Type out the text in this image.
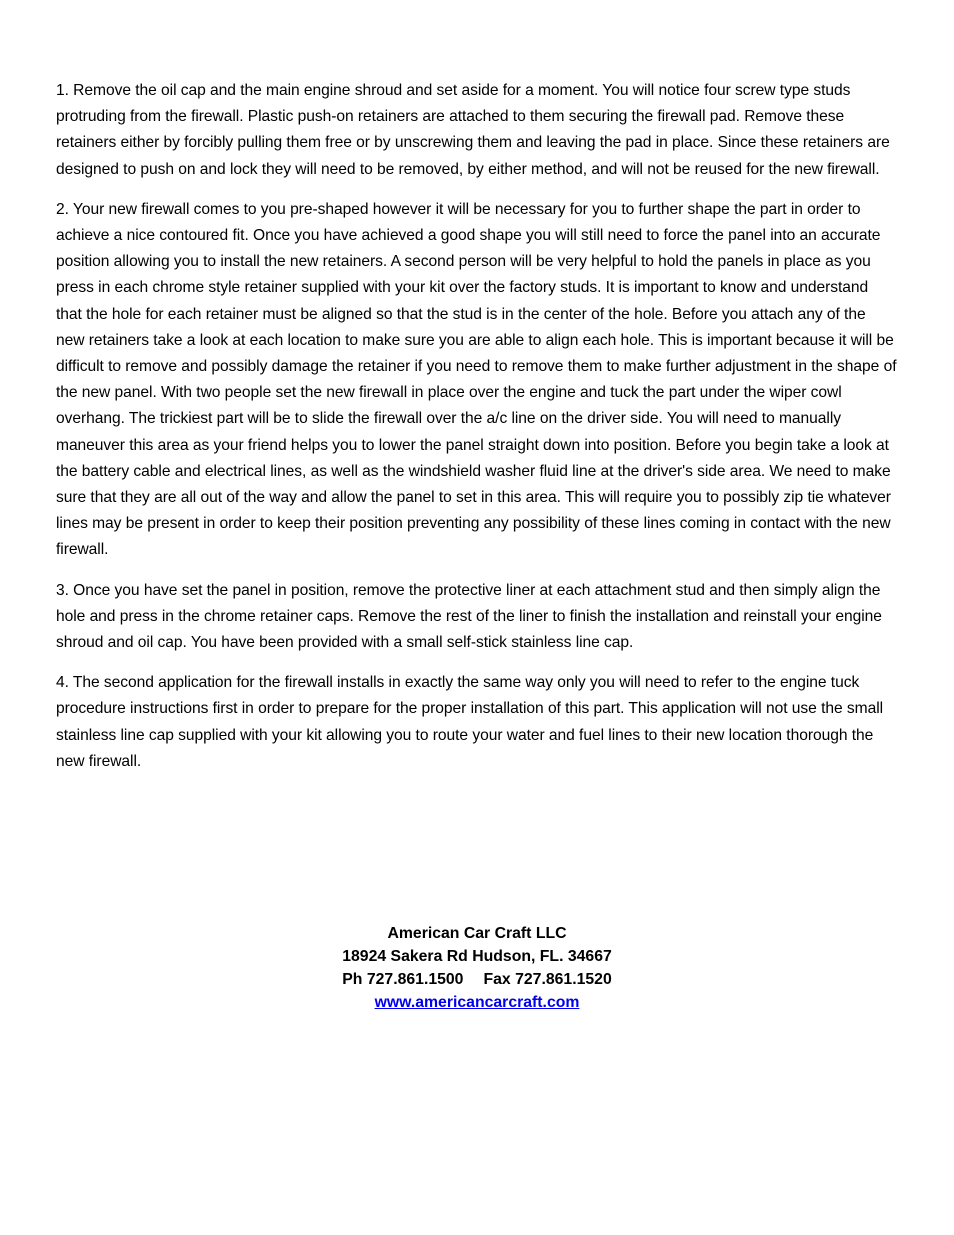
1. Remove the oil cap and the main engine shroud and set aside for a moment. You will notice four screw type studs protruding from the firewall. Plastic push-on retainers are attached to them securing the firewall pad. Remove these retainers either by forcibly pulling them free or by unscrewing them and leaving the pad in place. Since these retainers are designed to push on and lock they will need to be removed, by either method, and will not be reused for the new firewall.

2. Your new firewall comes to you pre-shaped however it will be necessary for you to further shape the part in order to achieve a nice contoured fit. Once you have achieved a good shape you will still need to force the panel into an accurate position allowing you to install the new retainers. A second person will be very helpful to hold the panels in place as you press in each chrome style retainer supplied with your kit over the factory studs. It is important to know and understand that the hole for each retainer must be aligned so that the stud is in the center of the hole. Before you attach any of the new retainers take a look at each location to make sure you are able to align each hole. This is important because it will be difficult to remove and possibly damage the retainer if you need to remove them to make further adjustment in the shape of the new panel. With two people set the new firewall in place over the engine and tuck the part under the wiper cowl overhang. The trickiest part will be to slide the firewall over the a/c line on the driver side. You will need to manually maneuver this area as your friend helps you to lower the panel straight down into position. Before you begin take a look at the battery cable and electrical lines, as well as the windshield washer fluid line at the driver's side area. We need to make sure that they are all out of the way and allow the panel to set in this area. This will require you to possibly zip tie whatever lines may be present in order to keep their position preventing any possibility of these lines coming in contact with the new firewall.

3. Once you have set the panel in position, remove the protective liner at each attachment stud and then simply align the hole and press in the chrome retainer caps. Remove the rest of the liner to finish the installation and reinstall your engine shroud and oil cap. You have been provided with a small self-stick stainless line cap.

4. The second application for the firewall installs in exactly the same way only you will need to refer to the engine tuck procedure instructions first in order to prepare for the proper installation of this part. This application will not use the small stainless line cap supplied with your kit allowing you to route your water and fuel lines to their new location thorough the new firewall.

American Car Craft LLC
18924 Sakera Rd Hudson, FL. 34667
Ph 727.861.1500 Fax 727.861.1520
www.americancarcraft.com
